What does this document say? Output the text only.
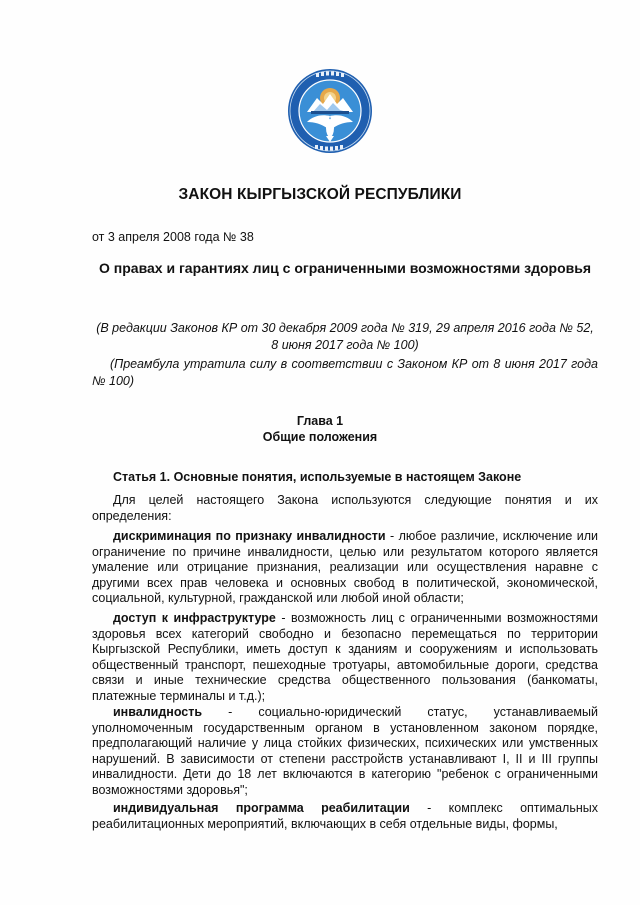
ЗАКОН КЫРГЫЗСКОЙ РЕСПУБЛИКИ
от 3 апреля 2008 года № 38
О правах и гарантиях лиц с ограниченными возможностями здоровья
(В редакции Законов КР от 30 декабря 2009 года № 319, 29 апреля 2016 года № 52, 8 июня 2017 года № 100)
(Преамбула утратила силу в соответствии с Законом КР от 8 июня 2017 года № 100)
Глава 1
Общие положения
Статья 1. Основные понятия, используемые в настоящем Законе
Для целей настоящего Закона используются следующие понятия и их определения:
дискриминация по признаку инвалидности - любое различие, исключение или ограничение по причине инвалидности, целью или результатом которого является умаление или отрицание признания, реализации или осуществления наравне с другими всех прав человека и основных свобод в политической, экономической, социальной, культурной, гражданской или любой иной области;
доступ к инфраструктуре - возможность лиц с ограниченными возможностями здоровья всех категорий свободно и безопасно перемещаться по территории Кыргызской Республики, иметь доступ к зданиям и сооружениям и использовать общественный транспорт, пешеходные тротуары, автомобильные дороги, средства связи и иные технические средства общественного пользования (банкоматы, платежные терминалы и т.д.);
инвалидность - социально-юридический статус, устанавливаемый уполномоченным государственным органом в установленном законом порядке, предполагающий наличие у лица стойких физических, психических или умственных нарушений. В зависимости от степени расстройств устанавливают I, II и III группы инвалидности. Дети до 18 лет включаются в категорию "ребенок с ограниченными возможностями здоровья";
индивидуальная программа реабилитации - комплекс оптимальных реабилитационных мероприятий, включающих в себя отдельные виды, формы,
